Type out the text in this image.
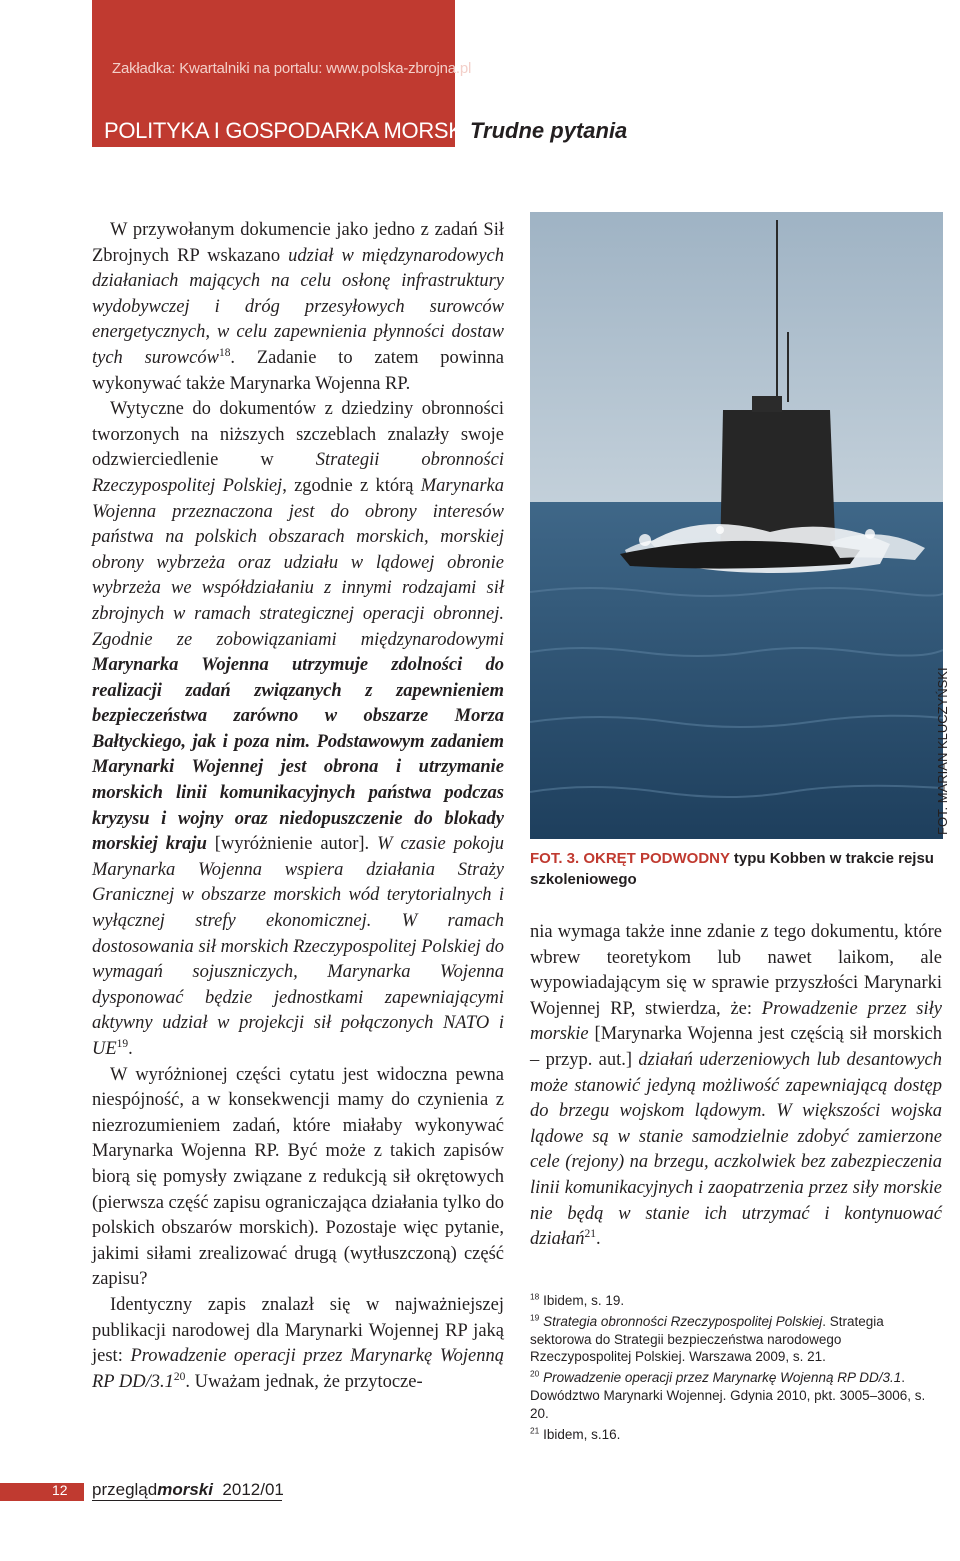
Zakładka: Kwartalniki na portalu: www.polska-zbrojna.pl
POLITYKA I GOSPODARKA MORSKA
Trudne pytania

W przywołanym dokumencie jako jedno z zadań Sił Zbrojnych RP wskazano udział w międzynarodowych działaniach mających na celu osłonę infrastruktury wydobywczej i dróg przesyłowych surowców energetycznych, w celu zapewnienia płynności dostaw tych surowców$^{18}$. Zadanie to zatem powinna wykonywać także Marynarka Wojenna RP.

Wytyczne do dokumentów z dziedziny obronności tworzonych na niższych szczeblach znalazły swoje odzwierciedlenie w Strategii obronności Rzeczypospolitej Polskiej, zgodnie z którą Marynarka Wojenna przeznaczona jest do obrony interesów państwa na polskich obszarach morskich, morskiej obrony wybrzeża oraz udziału w lądowej obronie wybrzeża we współdziałaniu z innymi rodzajami sił zbrojnych w ramach strategicznej operacji obronnej. Zgodnie ze zobowiązaniami międzynarodowymi Marynarka Wojenna utrzymuje zdolności do realizacji zadań związanych z zapewnieniem bezpieczeństwa zarówno w obszarze Morza Bałtyckiego, jak i poza nim. Podstawowym zadaniem Marynarki Wojennej jest obrona i utrzymanie morskich linii komunikacyjnych państwa podczas kryzysu i wojny oraz niedopuszczenie do blokady morskiej kraju [wyróżnienie autor]. W czasie pokoju Marynarka Wojenna wspiera działania Straży Granicznej w obszarze morskich wód terytorialnych i wyłącznej strefy ekonomicznej. W ramach dostosowania sił morskich Rzeczypospolitej Polskiej do wymagań sojuszniczych, Marynarka Wojenna dysponować będzie jednostkami zapewniającymi aktywny udział w projekcji sił połączonych NATO i UE$^{19}$.

W wyróżnionej części cytatu jest widoczna pewna niespójność, a w konsekwencji mamy do czynienia z niezrozumieniem zadań, które miałaby wykonywać Marynarka Wojenna RP. Być może z takich zapisów biorą się pomysły związane z redukcją sił okrętowych (pierwsza część zapisu ograniczająca działania tylko do polskich obszarów morskich). Pozostaje więc pytanie, jakimi siłami zrealizować drugą (wytłuszczoną) część zapisu?

Identyczny zapis znalazł się w najważniejszej publikacji narodowej dla Marynarki Wojennej RP jaką jest: Prowadzenie operacji przez Marynarkę Wojenną RP $DD/3.1^{20}$. Uważam jednak, że przytocze-

FOT. MARIAN KLUCZYŃSKI
FOT. 3. OKRĘT PODWODNY typu Kobben w trakcie rejsu szkoleniowego

nia wymaga także inne zdanie z tego dokumentu, które wbrew teoretykom lub nawet laikom, ale wypowiadającym się w sprawie przyszłości Marynarki Wojennej RP, stwierdza, że: Prowadzenie przez siły morskie [Marynarka Wojenna jest częścią sił morskich – przyp. aut.] działań uderzeniowych lub desantowych może stanowić jedyną możliwość zapewniającą dostęp do brzegu wojskom lądowym. W większości wojska lądowe są w stanie samodzielnie zdobyć zamierzone cele (rejony) na brzegu, aczkolwiek bez zabezpieczenia linii komunikacyjnych i zaopatrzenia przez siły morskie nie będą w stanie ich utrzymać i kontynuować działań$^{21}$.

$^{18}$ Ibidem, s. 19.

$^{19}$ Strategia obronności Rzeczypospolitej Polskiej. Strategia sektorowa do Strategii bezpieczeństwa narodowego Rzeczypospolitej Polskiej. Warszawa 2009, s. 21.

$^{20}$ Prowadzenie operacji przez Marynarkę Wojenną RP DD/3.1. Dowództwo Marynarki Wojennej. Gdynia 2010, pkt. 3005–3006, s. 20.

$^{21}$ Ibidem, s.16.

12 przeglądmorski 2012/01
